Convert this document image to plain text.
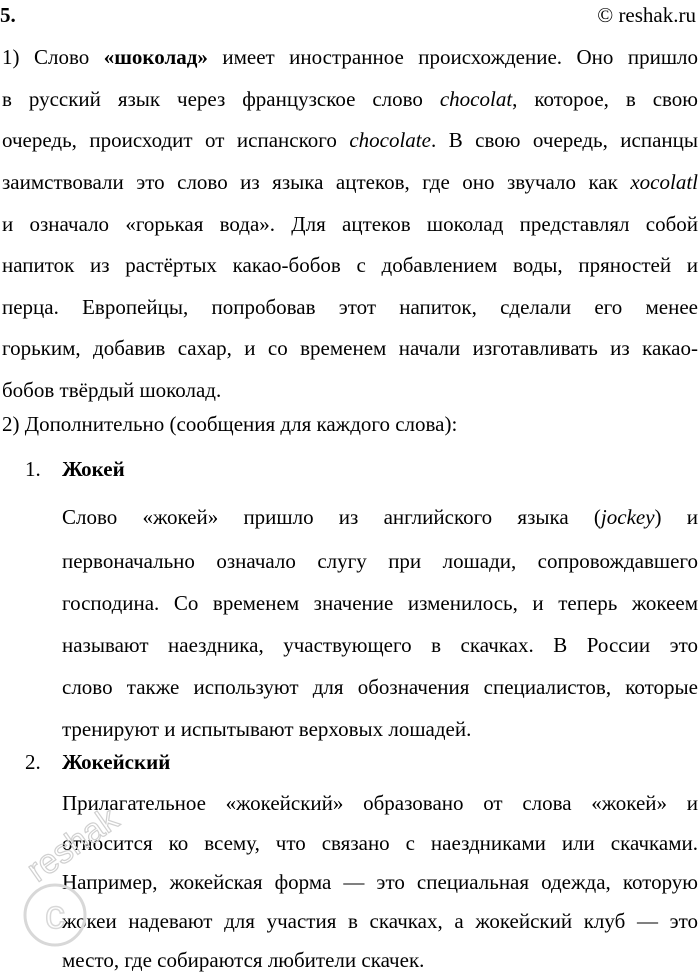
5.	© reshak.ru
1) Слово «шоколад» имеет иностранное происхождение. Оно пришло
в русский язык через французское слово chocolat, которое, в свою
очередь, происходит от испанского chocolate. В свою очередь, испанцы
заимствовали это слово из языка ацтеков, где оно звучало как xocolatl
и означало «горькая вода». Для ацтеков шоколад представлял собой
напиток из растёртых какао-бобов с добавлением воды, пряностей и
перца. Европейцы, попробовав этот напиток, сделали его менее
горьким, добавив сахар, и со временем начали изготавливать из какао-
бобов твёрдый шоколад.
2) Дополнительно (сообщения для каждого слова):
1. Жокей
Слово «жокей» пришло из английского языка (jockey) и
первоначально означало слугу при лошади, сопровождавшего
господина. Со временем значение изменилось, и теперь жокеем
называют наездника, участвующего в скачках. В России это
слово также используют для обозначения специалистов, которые
тренируют и испытывают верховых лошадей.
2. Жокейский
Прилагательное «жокейский» образовано от слова «жокей» и
относится ко всему, что связано с наездниками или скачками.
Например, жокейская форма — это специальная одежда, которую
жокеи надевают для участия в скачках, а жокейский клуб — это
место, где собираются любители скачек.
c
reshak
